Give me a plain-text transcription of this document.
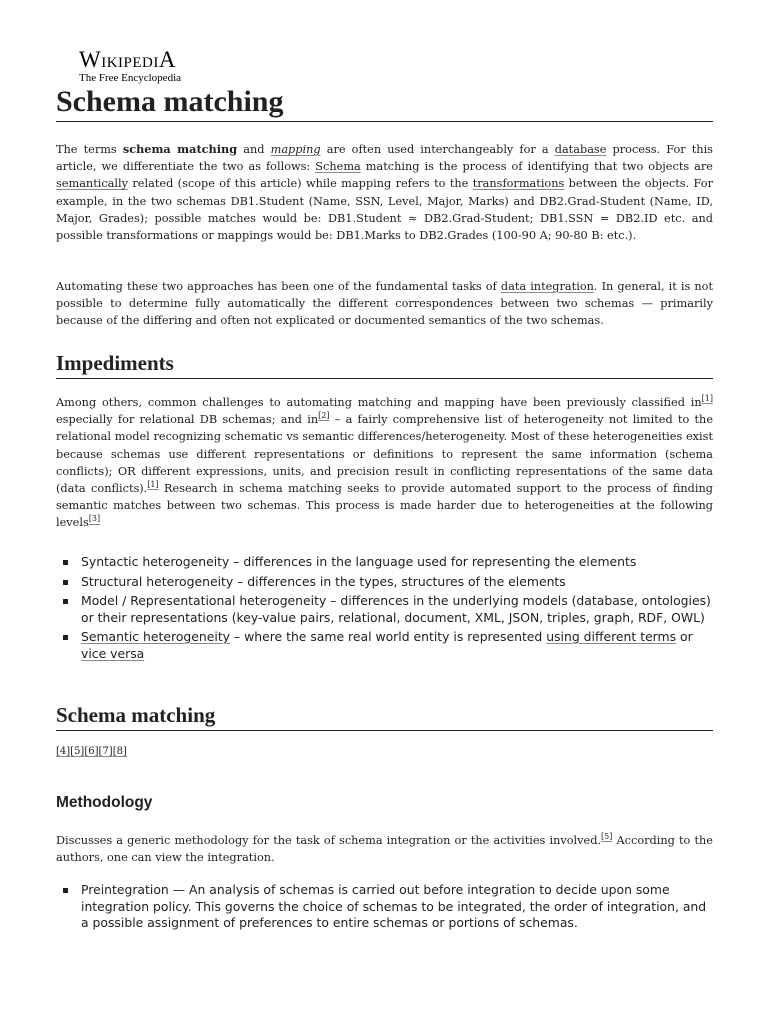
WikipediA
The Free Encyclopedia
Schema matching

The terms schema matching and mapping are often used interchangeably for a database process. For this article, we differentiate the two as follows: Schema matching is the process of identifying that two objects are semantically related (scope of this article) while mapping refers to the transformations between the objects. For example, in the two schemas DB1.Student (Name, SSN, Level, Major, Marks) and DB2.Grad-Student (Name, ID, Major, Grades); possible matches would be: DB1.Student ≈ DB2.Grad-Student; DB1.SSN = DB2.ID etc. and possible transformations or mappings would be: DB1.Marks to DB2.Grades (100-90 A; 90-80 B: etc.).

Automating these two approaches has been one of the fundamental tasks of data integration. In general, it is not possible to determine fully automatically the different correspondences between two schemas — primarily because of the differing and often not explicated or documented semantics of the two schemas.

Impediments

Among others, common challenges to automating matching and mapping have been previously classified in[1] especially for relational DB schemas; and in[2] – a fairly comprehensive list of heterogeneity not limited to the relational model recognizing schematic vs semantic differences/heterogeneity. Most of these heterogeneities exist because schemas use different representations or definitions to represent the same information (schema conflicts); OR different expressions, units, and precision result in conflicting representations of the same data (data conflicts).[1] Research in schema matching seeks to provide automated support to the process of finding semantic matches between two schemas. This process is made harder due to heterogeneities at the following levels[3]

Syntactic heterogeneity – differences in the language used for representing the elements
Structural heterogeneity – differences in the types, structures of the elements
Model / Representational heterogeneity – differences in the underlying models (database, ontologies) or their representations (key-value pairs, relational, document, XML, JSON, triples, graph, RDF, OWL)
Semantic heterogeneity – where the same real world entity is represented using different terms or vice versa
Schema matching
[4][5][6][7][8]
Methodology

Discusses a generic methodology for the task of schema integration or the activities involved.[5] According to the authors, one can view the integration.

Preintegration — An analysis of schemas is carried out before integration to decide upon some integration policy. This governs the choice of schemas to be integrated, the order of integration, and a possible assignment of preferences to entire schemas or portions of schemas.
